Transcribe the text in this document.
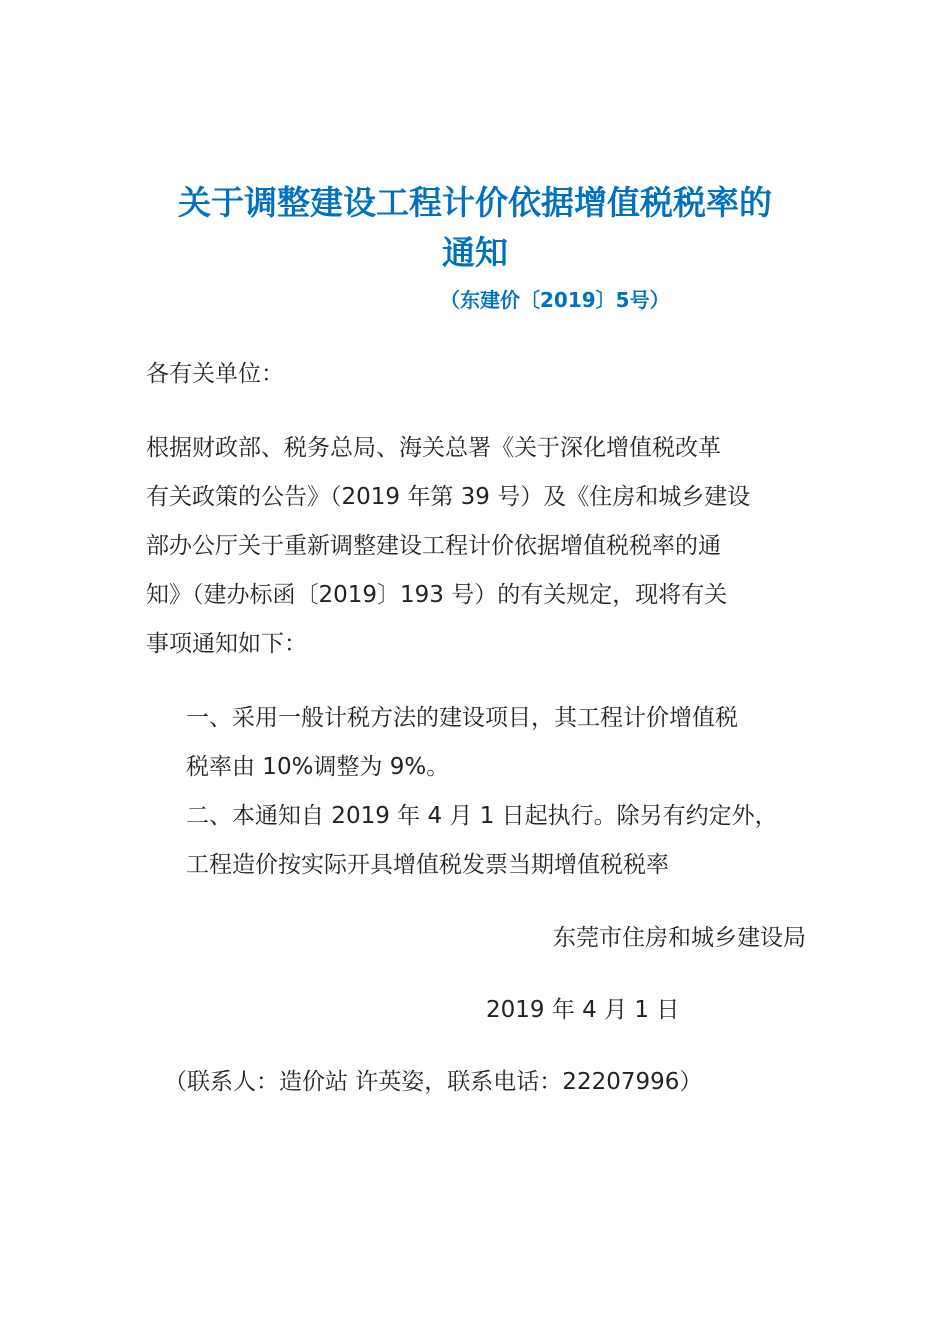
关于调整建设工程计价依据增值税税率的
通知
（东建价〔2019〕5号）

各有关单位：

根据财政部、税务总局、海关总署《关于深化增值税改革

有关政策的公告》（2019 年第 39 号）及《住房和城乡建设

部办公厅关于重新调整建设工程计价依据增值税税率的通

知》（建办标函〔2019〕193 号）的有关规定，现将有关

事项通知如下：

一、采用一般计税方法的建设项目，其工程计价增值税

税率由 10%调整为 9%。

二、本通知自 2019 年 4 月 1 日起执行。除另有约定外，

工程造价按实际开具增值税发票当期增值税税率

东莞市住房和城乡建设局

2019 年 4 月 1 日

（联系人：造价站 许英姿，联系电话：22207996）
